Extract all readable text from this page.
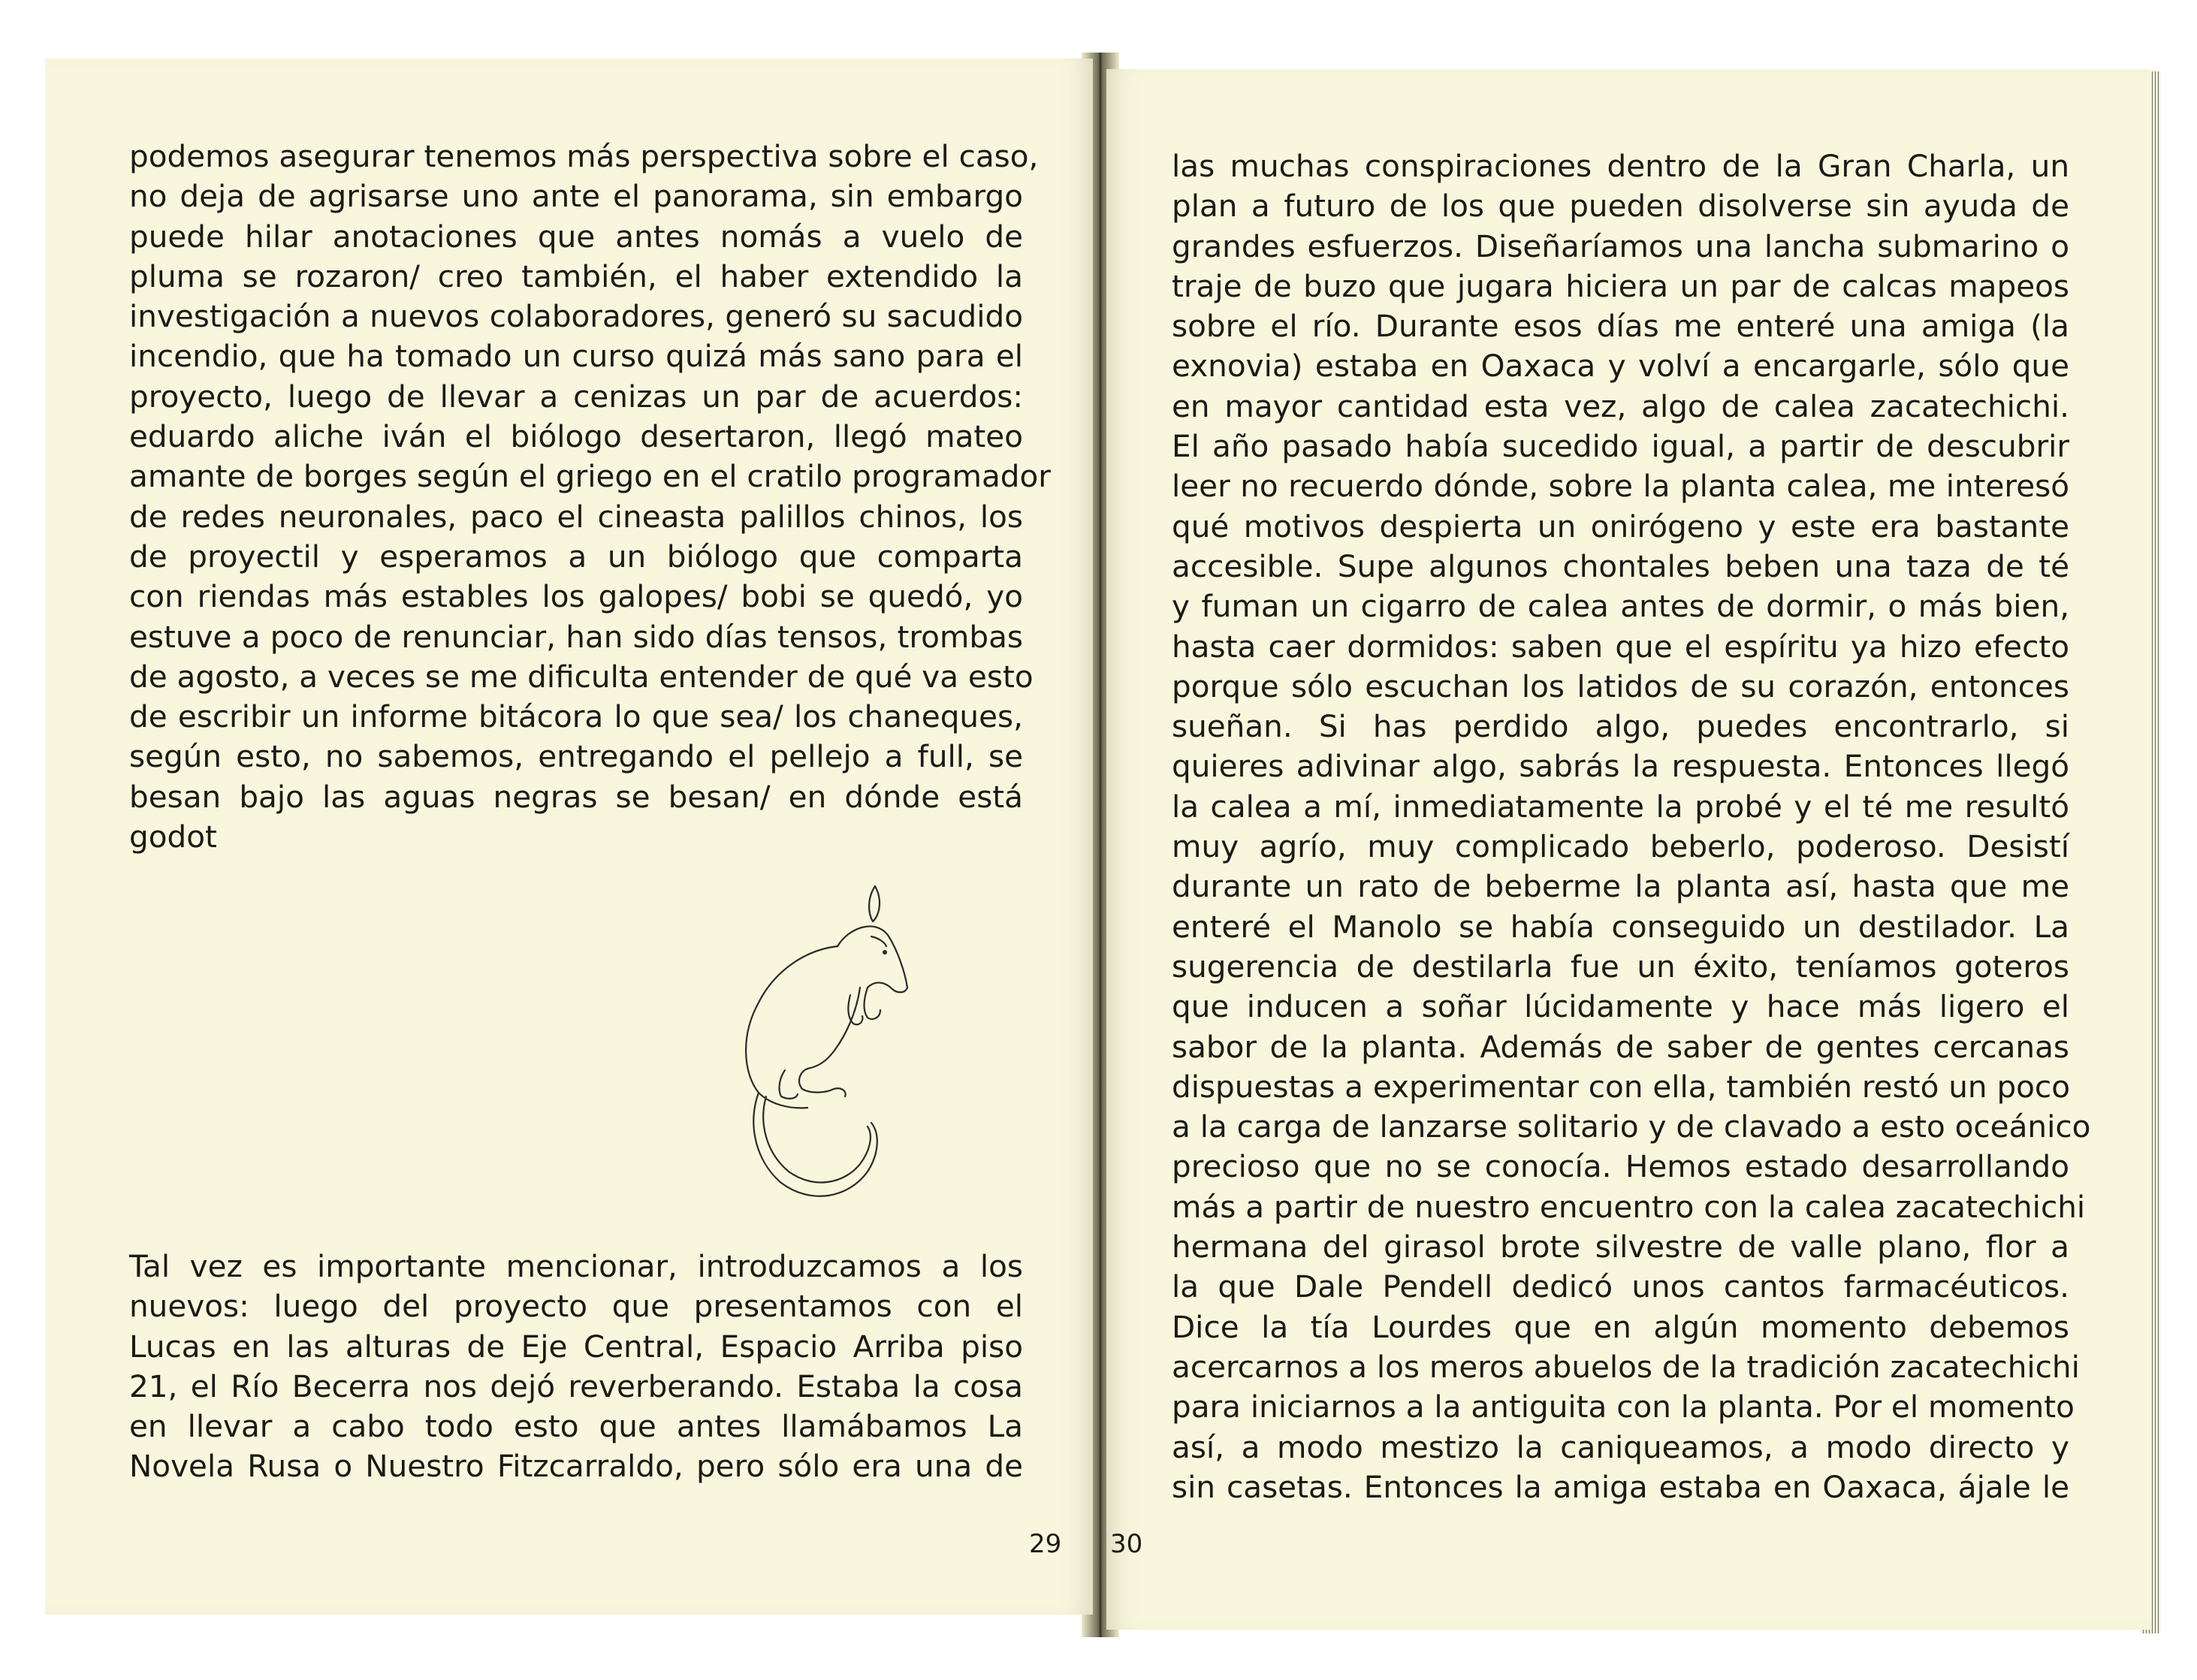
podemos asegurar tenemos más perspectiva sobre el caso,
no deja de agrisarse uno ante el panorama, sin embargo
puede hilar anotaciones que antes nomás a vuelo de
pluma se rozaron/ creo también, el haber extendido la
investigación a nuevos colaboradores, generó su sacudido
incendio, que ha tomado un curso quizá más sano para el
proyecto, luego de llevar a cenizas un par de acuerdos:
eduardo aliche iván el biólogo desertaron, llegó mateo
amante de borges según el griego en el cratilo programador
de redes neuronales, paco el cineasta palillos chinos, los
de proyectil y esperamos a un biólogo que comparta
con riendas más estables los galopes/ bobi se quedó, yo
estuve a poco de renunciar, han sido días tensos, trombas
de agosto, a veces se me dificulta entender de qué va esto
de escribir un informe bitácora lo que sea/ los chaneques,
según esto, no sabemos, entregando el pellejo a full, se
besan bajo las aguas negras se besan/ en dónde está
godot
Tal vez es importante mencionar, introduzcamos a los
nuevos: luego del proyecto que presentamos con el
Lucas en las alturas de Eje Central, Espacio Arriba piso
21, el Río Becerra nos dejó reverberando. Estaba la cosa
en llevar a cabo todo esto que antes llamábamos La
Novela Rusa o Nuestro Fitzcarraldo, pero sólo era una de
29
las muchas conspiraciones dentro de la Gran Charla, un
plan a futuro de los que pueden disolverse sin ayuda de
grandes esfuerzos. Diseñaríamos una lancha submarino o
traje de buzo que jugara hiciera un par de calcas mapeos
sobre el río. Durante esos días me enteré una amiga (la
exnovia) estaba en Oaxaca y volví a encargarle, sólo que
en mayor cantidad esta vez, algo de calea zacatechichi.
El año pasado había sucedido igual, a partir de descubrir
leer no recuerdo dónde, sobre la planta calea, me interesó
qué motivos despierta un onirógeno y este era bastante
accesible. Supe algunos chontales beben una taza de té
y fuman un cigarro de calea antes de dormir, o más bien,
hasta caer dormidos: saben que el espíritu ya hizo efecto
porque sólo escuchan los latidos de su corazón, entonces
sueñan. Si has perdido algo, puedes encontrarlo, si
quieres adivinar algo, sabrás la respuesta. Entonces llegó
la calea a mí, inmediatamente la probé y el té me resultó
muy agrío, muy complicado beberlo, poderoso. Desistí
durante un rato de beberme la planta así, hasta que me
enteré el Manolo se había conseguido un destilador. La
sugerencia de destilarla fue un éxito, teníamos goteros
que inducen a soñar lúcidamente y hace más ligero el
sabor de la planta. Además de saber de gentes cercanas
dispuestas a experimentar con ella, también restó un poco
a la carga de lanzarse solitario y de clavado a esto oceánico
precioso que no se conocía. Hemos estado desarrollando
más a partir de nuestro encuentro con la calea zacatechichi
hermana del girasol brote silvestre de valle plano, flor a
la que Dale Pendell dedicó unos cantos farmacéuticos.
Dice la tía Lourdes que en algún momento debemos
acercarnos a los meros abuelos de la tradición zacatechichi
para iniciarnos a la antiguita con la planta. Por el momento
así, a modo mestizo la caniqueamos, a modo directo y
sin casetas. Entonces la amiga estaba en Oaxaca, ájale le
30
